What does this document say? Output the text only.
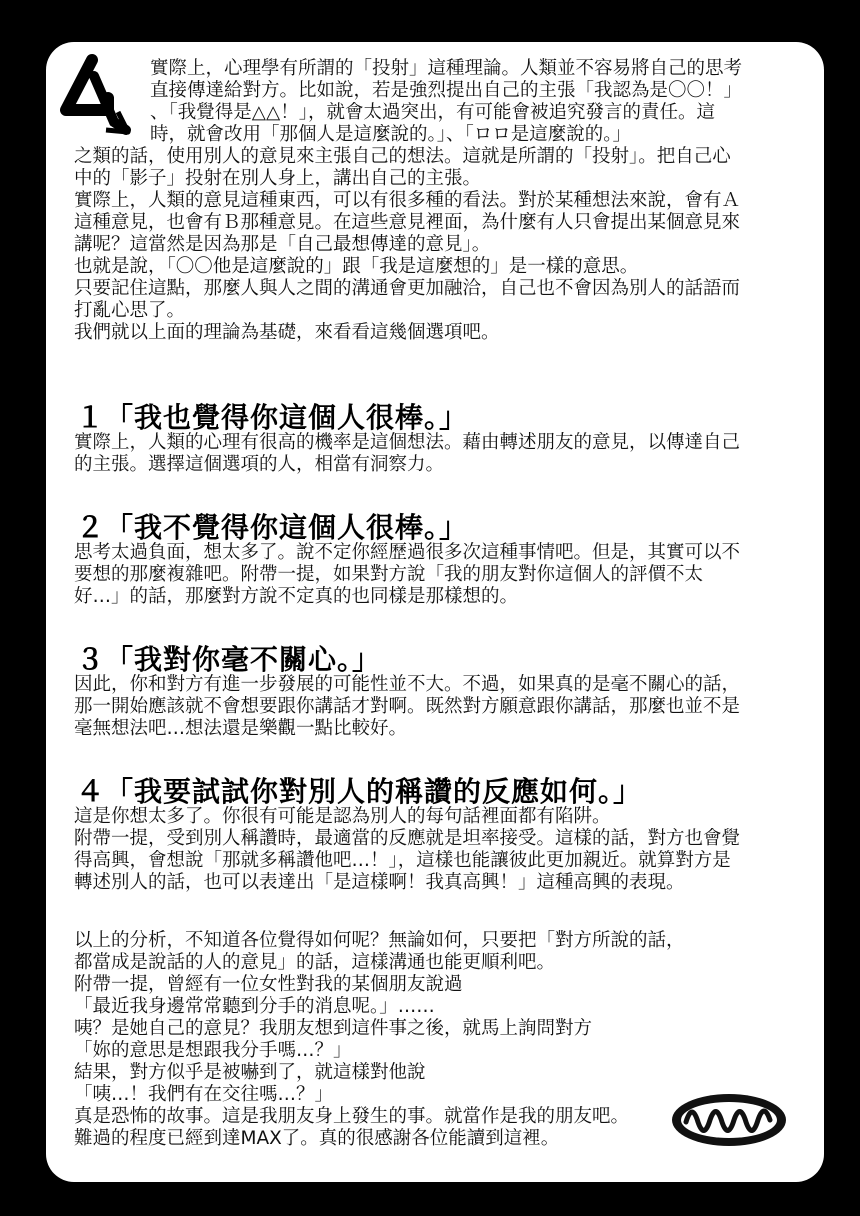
實際上，心理學有所謂的「投射」這種理論。人類並不容易將自己的思考
直接傳達給對方。比如說，若是強烈提出自己的主張「我認為是〇〇！」
、「我覺得是△△！」，就會太過突出，有可能會被追究發言的責任。這
時，就會改用「那個人是這麼說的。」、「ロロ是這麼說的。」
之類的話，使用別人的意見來主張自己的想法。這就是所謂的「投射」。把自己心
中的「影子」投射在別人身上，講出自己的主張。
實際上，人類的意見這種東西，可以有很多種的看法。對於某種想法來說，會有Ａ
這種意見，也會有Ｂ那種意見。在這些意見裡面，為什麼有人只會提出某個意見來
講呢？這當然是因為那是「自己最想傳達的意見」。
也就是說，「〇〇他是這麼說的」跟「我是這麼想的」是一樣的意思。
只要記住這點，那麼人與人之間的溝通會更加融洽，自己也不會因為別人的話語而
打亂心思了。
我們就以上面的理論為基礎，來看看這幾個選項吧。
１「我也覺得你這個人很棒。」
實際上，人類的心理有很高的機率是這個想法。藉由轉述朋友的意見，以傳達自己
的主張。選擇這個選項的人，相當有洞察力。
２「我不覺得你這個人很棒。」
思考太過負面，想太多了。說不定你經歷過很多次這種事情吧。但是，其實可以不
要想的那麼複雜吧。附帶一提，如果對方說「我的朋友對你這個人的評價不太
好…」的話，那麼對方說不定真的也同樣是那樣想的。
３「我對你毫不關心。」
因此，你和對方有進一步發展的可能性並不大。不過，如果真的是毫不關心的話，
那一開始應該就不會想要跟你講話才對啊。既然對方願意跟你講話，那麼也並不是
毫無想法吧…想法還是樂觀一點比較好。
４「我要試試你對別人的稱讚的反應如何。」
這是你想太多了。你很有可能是認為別人的每句話裡面都有陷阱。
附帶一提，受到別人稱讚時，最適當的反應就是坦率接受。這樣的話，對方也會覺
得高興，會想說「那就多稱讚他吧…！」，這樣也能讓彼此更加親近。就算對方是
轉述別人的話，也可以表達出「是這樣啊！我真高興！」這種高興的表現。
以上的分析，不知道各位覺得如何呢？無論如何，只要把「對方所說的話，
都當成是說話的人的意見」的話，這樣溝通也能更順利吧。
附帶一提，曾經有一位女性對我的某個朋友說過
「最近我身邊常常聽到分手的消息呢。」……
咦？是她自己的意見？我朋友想到這件事之後，就馬上詢問對方
「妳的意思是想跟我分手嗎…？」
結果，對方似乎是被嚇到了，就這樣對他說
「咦…！我們有在交往嗎…？」
真是恐怖的故事。這是我朋友身上發生的事。就當作是我的朋友吧。
難過的程度已經到達MAX了。真的很感謝各位能讀到這裡。
